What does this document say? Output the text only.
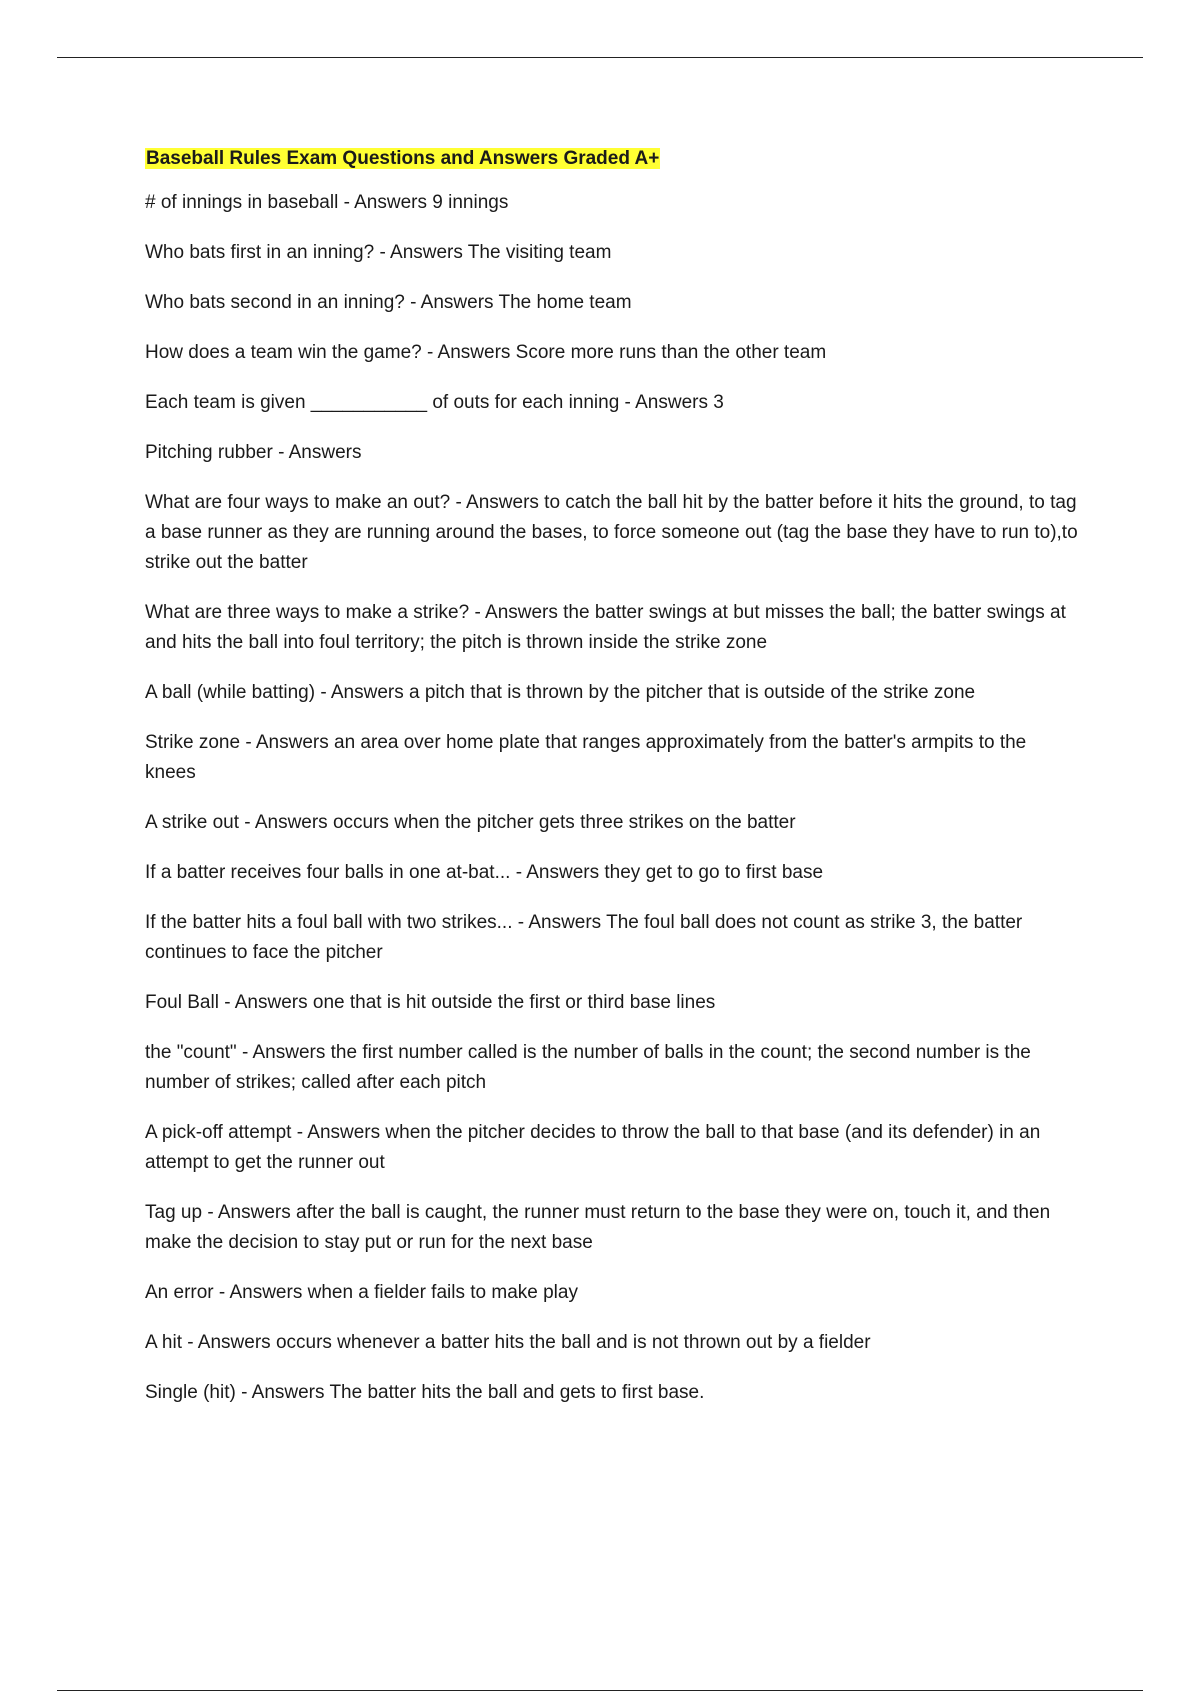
Baseball Rules Exam Questions and Answers Graded A+

# of innings in baseball - Answers 9 innings

Who bats first in an inning? - Answers The visiting team

Who bats second in an inning? - Answers The home team

How does a team win the game? - Answers Score more runs than the other team

Each team is given ___________ of outs for each inning - Answers 3

Pitching rubber - Answers

What are four ways to make an out? - Answers to catch the ball hit by the batter before it hits the ground, to tag a base runner as they are running around the bases, to force someone out (tag the base they have to run to),to strike out the batter

What are three ways to make a strike? - Answers the batter swings at but misses the ball; the batter swings at and hits the ball into foul territory; the pitch is thrown inside the strike zone

A ball (while batting) - Answers a pitch that is thrown by the pitcher that is outside of the strike zone

Strike zone - Answers an area over home plate that ranges approximately from the batter's armpits to the knees

A strike out - Answers occurs when the pitcher gets three strikes on the batter

If a batter receives four balls in one at-bat... - Answers they get to go to first base

If the batter hits a foul ball with two strikes... - Answers The foul ball does not count as strike 3, the batter continues to face the pitcher

Foul Ball - Answers one that is hit outside the first or third base lines

the "count" - Answers the first number called is the number of balls in the count; the second number is the number of strikes; called after each pitch

A pick-off attempt - Answers when the pitcher decides to throw the ball to that base (and its defender) in an attempt to get the runner out

Tag up - Answers after the ball is caught, the runner must return to the base they were on, touch it, and then make the decision to stay put or run for the next base

An error - Answers when a fielder fails to make play

A hit - Answers occurs whenever a batter hits the ball and is not thrown out by a fielder

Single (hit) - Answers The batter hits the ball and gets to first base.
